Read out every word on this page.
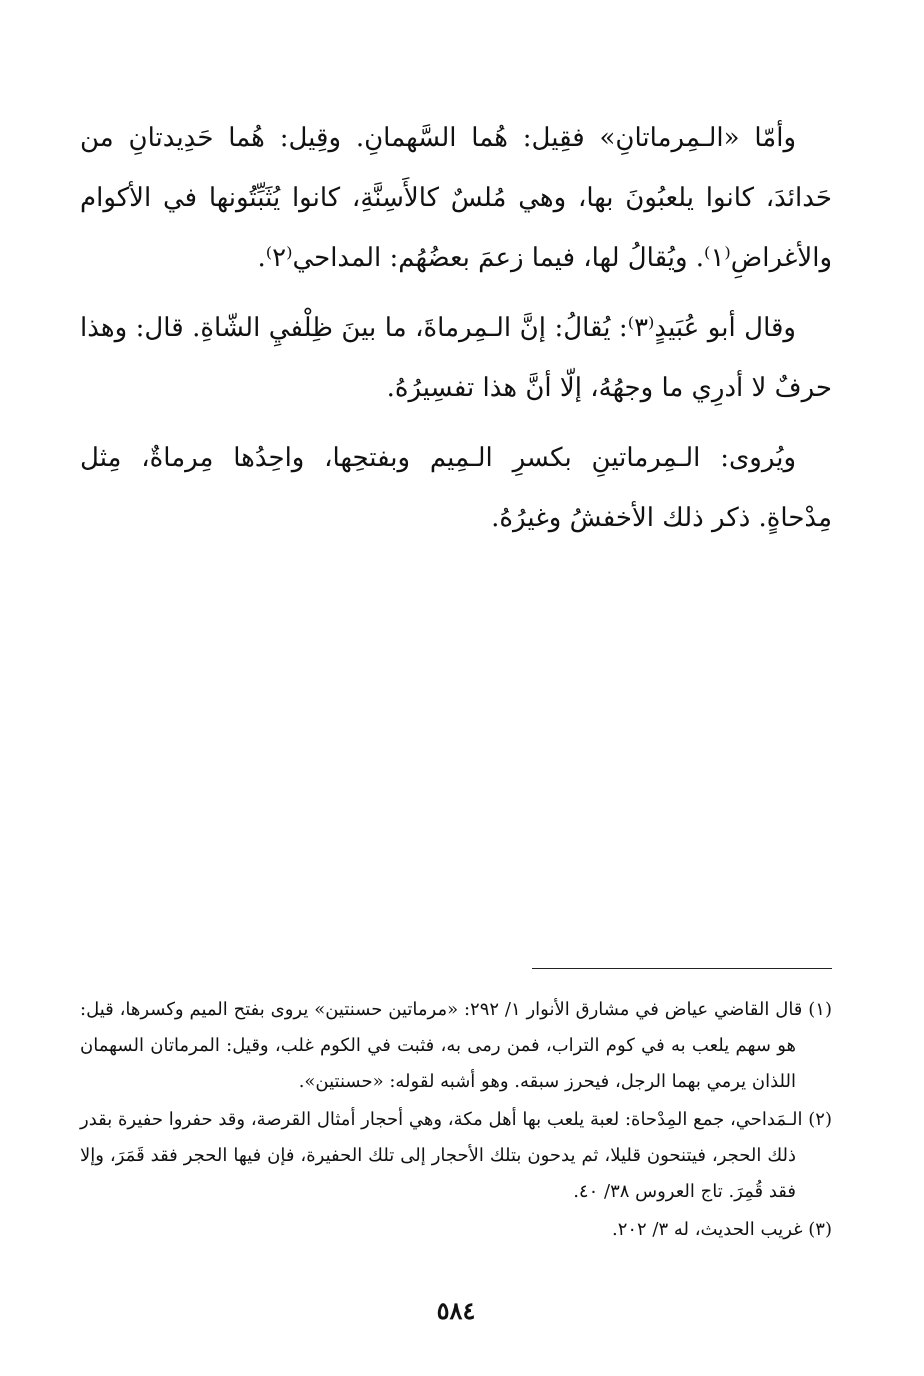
وأمّا «الـمِرماتانِ» فقِيل: هُما السَّهمانِ. وقِيل: هُما حَدِيدتانِ من حَدائدَ، كانوا يلعبُونَ بها، وهي مُلسٌ كالأَسِنَّةِ، كانوا يُثَبِّتُونها في الأكوام والأغراضِ⁽١⁾. ويُقالُ لها، فيما زعمَ بعضُهُم: المداحي⁽٢⁾.

وقال أبو عُبَيدٍ⁽٣⁾: يُقالُ: إنَّ الـمِرماةَ، ما بينَ ظِلْفيِ الشّاةِ. قال: وهذا حرفٌ لا أدرِي ما وجهُهُ، إلّا أنَّ هذا تفسِيرُهُ.

ويُروى: الـمِرماتينِ بكسرِ الـمِيم وبفتحِها، واحِدُها مِرماةٌ، مِثل مِدْحاةٍ. ذكر ذلك الأخفشُ وغيرُهُ.

(١) قال القاضي عياض في مشارق الأنوار ١/ ٢٩٢: «مرماتين حسنتين» يروى بفتح الميم وكسرها، قيل: هو سهم يلعب به في كوم التراب، فمن رمى به، فثبت في الكوم غلب، وقيل: المرماتان السهمان اللذان يرمي بهما الرجل، فيحرز سبقه. وهو أشبه لقوله: «حسنتين».

(٢) الـمَداحي، جمع المِدْحاة: لعبة يلعب بها أهل مكة، وهي أحجار أمثال القرصة، وقد حفروا حفيرة بقدر ذلك الحجر، فيتنحون قليلا، ثم يدحون بتلك الأحجار إلى تلك الحفيرة، فإن فيها الحجر فقد قَمَرَ، وإلا فقد قُمِرَ. تاج العروس ٣٨/ ٤٠.

(٣) غريب الحديث، له ٣/ ٢٠٢.

٥٨٤
